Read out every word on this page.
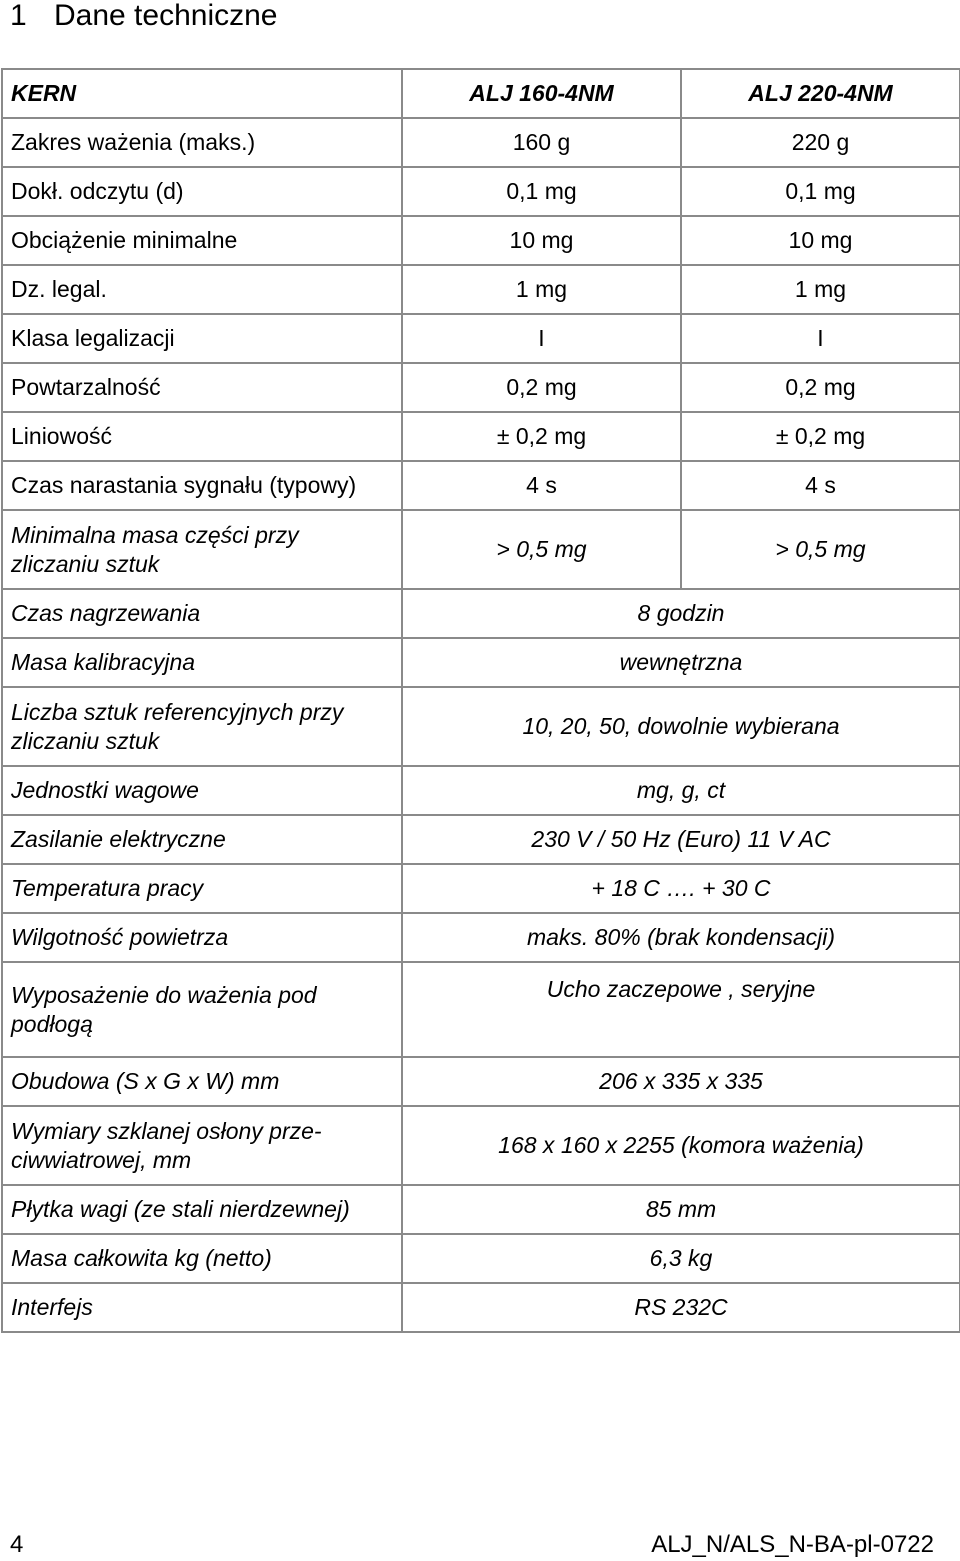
1 Dane techniczne
KERN	ALJ 160-4NM	ALJ 220-4NM
Zakres ważenia (maks.)	160 g	220 g
Dokł. odczytu (d)	0,1 mg	0,1 mg
Obciążenie minimalne	10 mg	10 mg
Dz. legal.	1 mg	1 mg
Klasa legalizacji	I	I
Powtarzalność	0,2 mg	0,2 mg
Liniowość	± 0,2 mg	± 0,2 mg
Czas narastania sygnału (typowy)	4 s	4 s
Minimalna masa części przy zliczaniu sztuk	> 0,5 mg	> 0,5 mg
Czas nagrzewania	8 godzin	
Masa kalibracyjna	wewnętrzna	
Liczba sztuk referencyjnych przy zliczaniu sztuk	10, 20, 50, dowolnie wybierana	
Jednostki wagowe	mg, g, ct	
Zasilanie elektryczne	230 V / 50 Hz (Euro) 11 V AC	
Temperatura pracy	+ 18 C …. + 30 C	
Wilgotność powietrza	maks. 80% (brak kondensacji)	
Wyposażenie do ważenia pod podłogą	Ucho zaczepowe , seryjne	
Obudowa (S x G x W) mm	206 x 335 x 335	
Wymiary szklanej osłony prze-ciwwiatrowej, mm	168 x 160 x 2255 (komora ważenia)	
Płytka wagi (ze stali nierdzewnej)	85 mm	
Masa całkowita kg (netto)	6,3 kg	
Interfejs	RS 232C	
4	ALJ_N/ALS_N-BA-pl-0722
